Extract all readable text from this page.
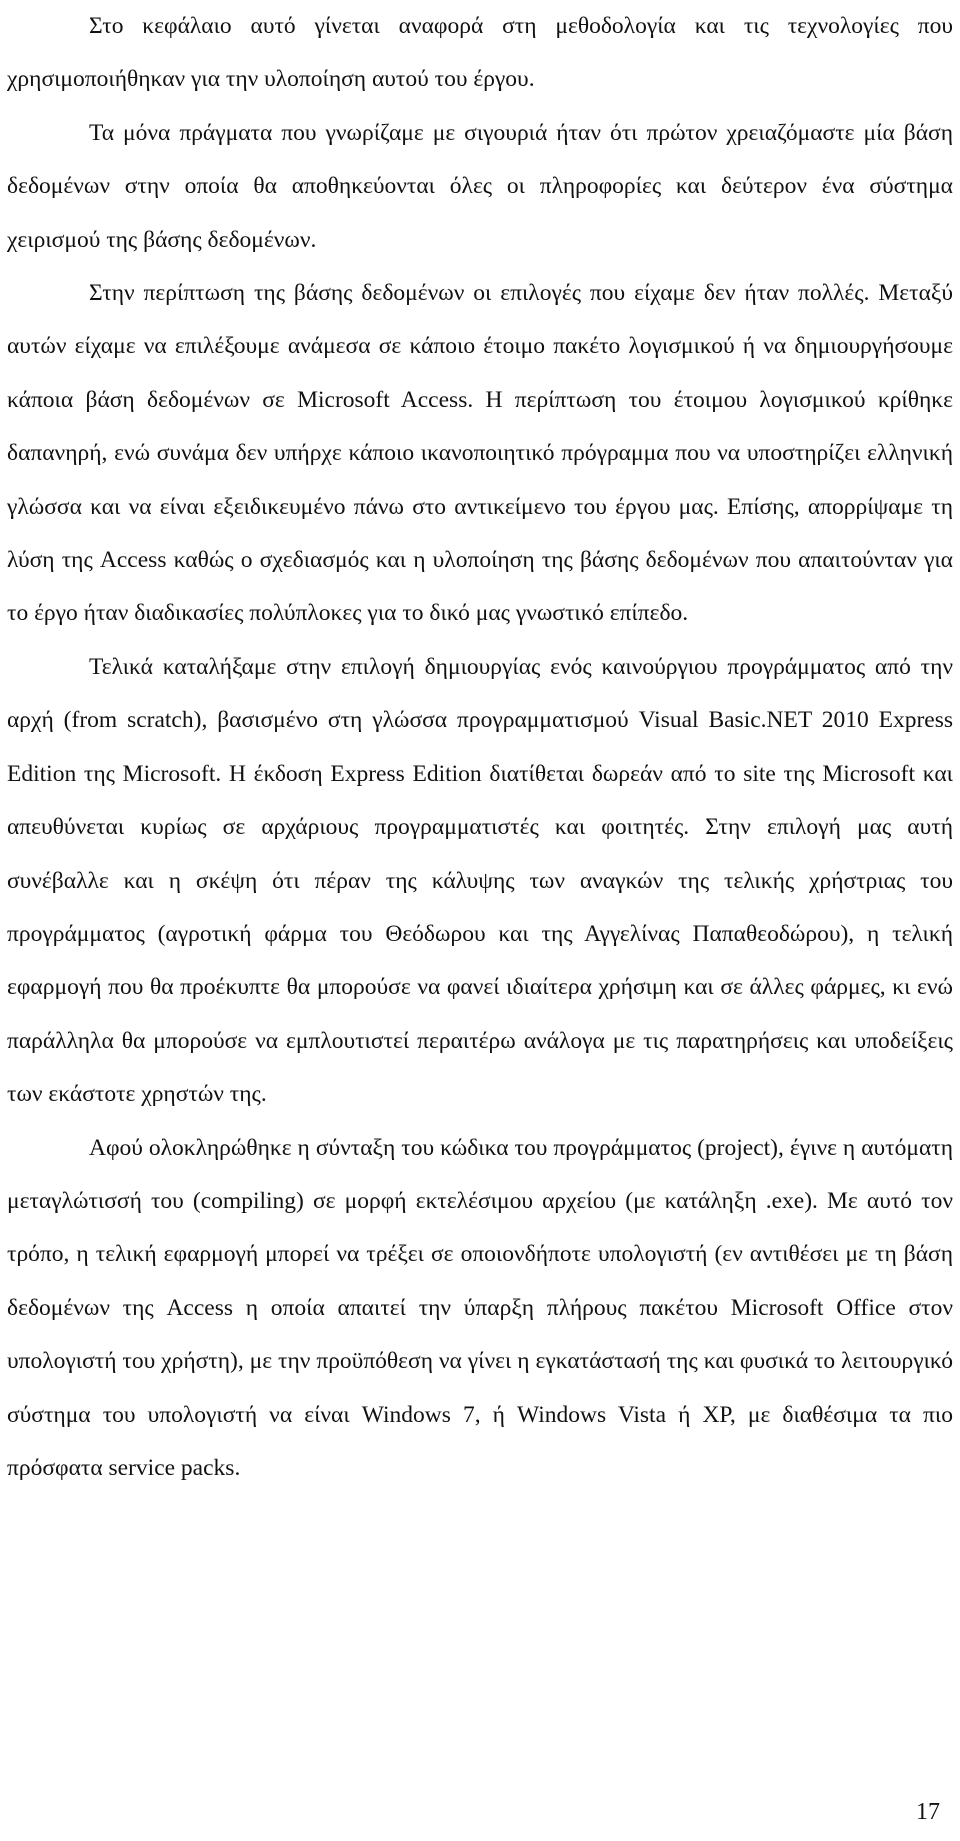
Στο κεφάλαιο αυτό γίνεται αναφορά στη μεθοδολογία και τις τεχνολογίες που χρησιμοποιήθηκαν για την υλοποίηση αυτού του έργου.

Τα μόνα πράγματα που γνωρίζαμε με σιγουριά ήταν ότι πρώτον χρειαζόμαστε μία βάση δεδομένων στην οποία θα αποθηκεύονται όλες οι πληροφορίες και δεύτερον ένα σύστημα χειρισμού της βάσης δεδομένων.

Στην περίπτωση της βάσης δεδομένων οι επιλογές που είχαμε δεν ήταν πολλές. Μεταξύ αυτών είχαμε να επιλέξουμε ανάμεσα σε κάποιο έτοιμο πακέτο λογισμικού ή να δημιουργήσουμε κάποια βάση δεδομένων σε Microsoft Access. Η περίπτωση του έτοιμου λογισμικού κρίθηκε δαπανηρή, ενώ συνάμα δεν υπήρχε κάποιο ικανοποιητικό πρόγραμμα που να υποστηρίζει ελληνική γλώσσα και να είναι εξειδικευμένο πάνω στο αντικείμενο του έργου μας. Επίσης, απορρίψαμε τη λύση της Access καθώς ο σχεδιασμός και η υλοποίηση της βάσης δεδομένων που απαιτούνταν για το έργο ήταν διαδικασίες πολύπλοκες για το δικό μας γνωστικό επίπεδο.

Τελικά καταλήξαμε στην επιλογή δημιουργίας ενός καινούργιου προγράμματος από την αρχή (from scratch), βασισμένο στη γλώσσα προγραμματισμού Visual Basic.NET 2010 Express Edition της Microsoft. Η έκδοση Express Edition διατίθεται δωρεάν από το site της Microsoft και απευθύνεται κυρίως σε αρχάριους προγραμματιστές και φοιτητές. Στην επιλογή μας αυτή συνέβαλλε και η σκέψη ότι πέραν της κάλυψης των αναγκών της τελικής χρήστριας του προγράμματος (αγροτική φάρμα του Θεόδωρου και της Αγγελίνας Παπαθεοδώρου), η τελική εφαρμογή που θα προέκυπτε θα μπορούσε να φανεί ιδιαίτερα χρήσιμη και σε άλλες φάρμες, κι ενώ παράλληλα θα μπορούσε να εμπλουτιστεί περαιτέρω ανάλογα με τις παρατηρήσεις και υποδείξεις των εκάστοτε χρηστών της.

Αφού ολοκληρώθηκε η σύνταξη του κώδικα του προγράμματος (project), έγινε η αυτόματη μεταγλώτισσή του (compiling) σε μορφή εκτελέσιμου αρχείου (με κατάληξη .exe). Με αυτό τον τρόπο, η τελική εφαρμογή μπορεί να τρέξει σε οποιονδήποτε υπολογιστή (εν αντιθέσει με τη βάση δεδομένων της Access η οποία απαιτεί την ύπαρξη πλήρους πακέτου Microsoft Office στον υπολογιστή του χρήστη), με την προϋπόθεση να γίνει η εγκατάστασή της και φυσικά το λειτουργικό σύστημα του υπολογιστή να είναι Windows 7, ή Windows Vista ή XP, με διαθέσιμα τα πιο πρόσφατα service packs.

17
